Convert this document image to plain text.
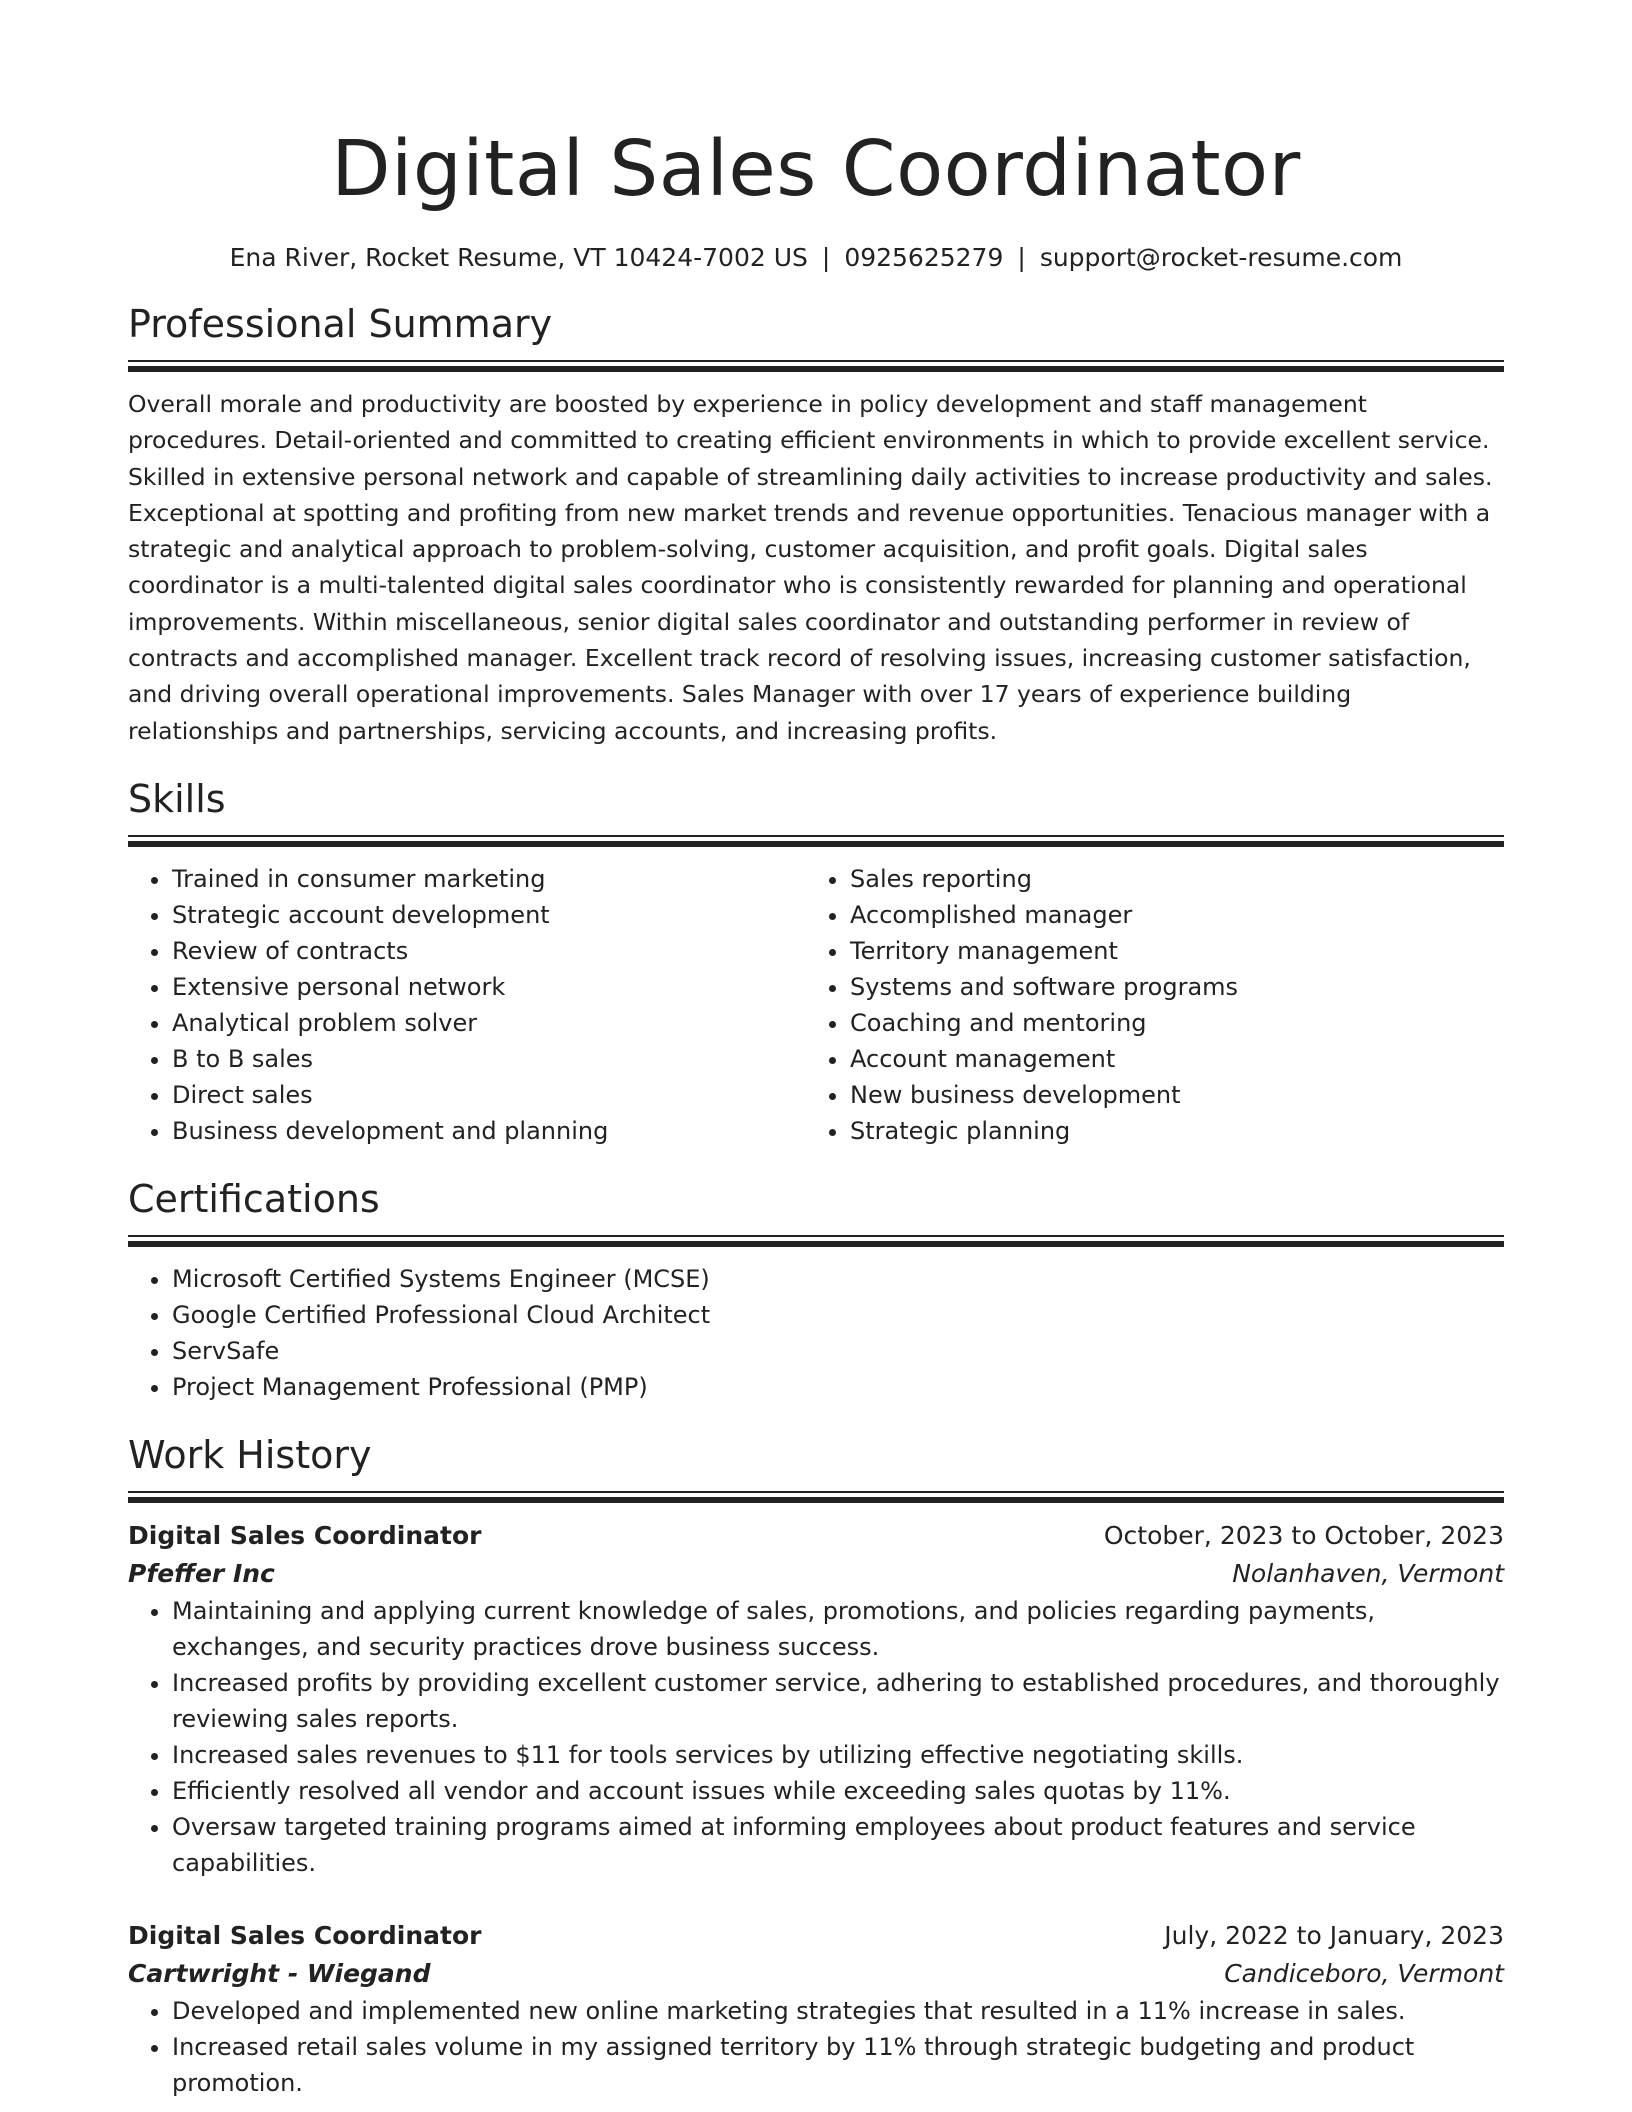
Digital Sales Coordinator
Ena River, Rocket Resume, VT 10424-7002 US | 0925625279 | support@rocket-resume.com
Professional Summary

Overall morale and productivity are boosted by experience in policy development and staff management procedures. Detail-oriented and committed to creating efficient environments in which to provide excellent service. Skilled in extensive personal network and capable of streamlining daily activities to increase productivity and sales. Exceptional at spotting and profiting from new market trends and revenue opportunities. Tenacious manager with a strategic and analytical approach to problem-solving, customer acquisition, and profit goals. Digital sales coordinator is a multi-talented digital sales coordinator who is consistently rewarded for planning and operational improvements. Within miscellaneous, senior digital sales coordinator and outstanding performer in review of contracts and accomplished manager. Excellent track record of resolving issues, increasing customer satisfaction, and driving overall operational improvements. Sales Manager with over 17 years of experience building relationships and partnerships, servicing accounts, and increasing profits.

Skills
• Trained in consumer marketing
• Strategic account development
• Review of contracts
• Extensive personal network
• Analytical problem solver
• B to B sales
• Direct sales
• Business development and planning
• Sales reporting
• Accomplished manager
• Territory management
• Systems and software programs
• Coaching and mentoring
• Account management
• New business development
• Strategic planning
Certifications
• Microsoft Certified Systems Engineer (MCSE)
• Google Certified Professional Cloud Architect
• ServSafe
• Project Management Professional (PMP)
Work History
Digital Sales Coordinator	October, 2023 to October, 2023
Pfeffer Inc	Nolanhaven, Vermont
• Maintaining and applying current knowledge of sales, promotions, and policies regarding payments, exchanges, and security practices drove business success.
• Increased profits by providing excellent customer service, adhering to established procedures, and thoroughly reviewing sales reports.
• Increased sales revenues to $11 for tools services by utilizing effective negotiating skills.
• Efficiently resolved all vendor and account issues while exceeding sales quotas by 11%.
• Oversaw targeted training programs aimed at informing employees about product features and service capabilities.
Digital Sales Coordinator	July, 2022 to January, 2023
Cartwright - Wiegand	Candiceboro, Vermont
• Developed and implemented new online marketing strategies that resulted in a 11% increase in sales.
• Increased retail sales volume in my assigned territory by 11% through strategic budgeting and product promotion.
